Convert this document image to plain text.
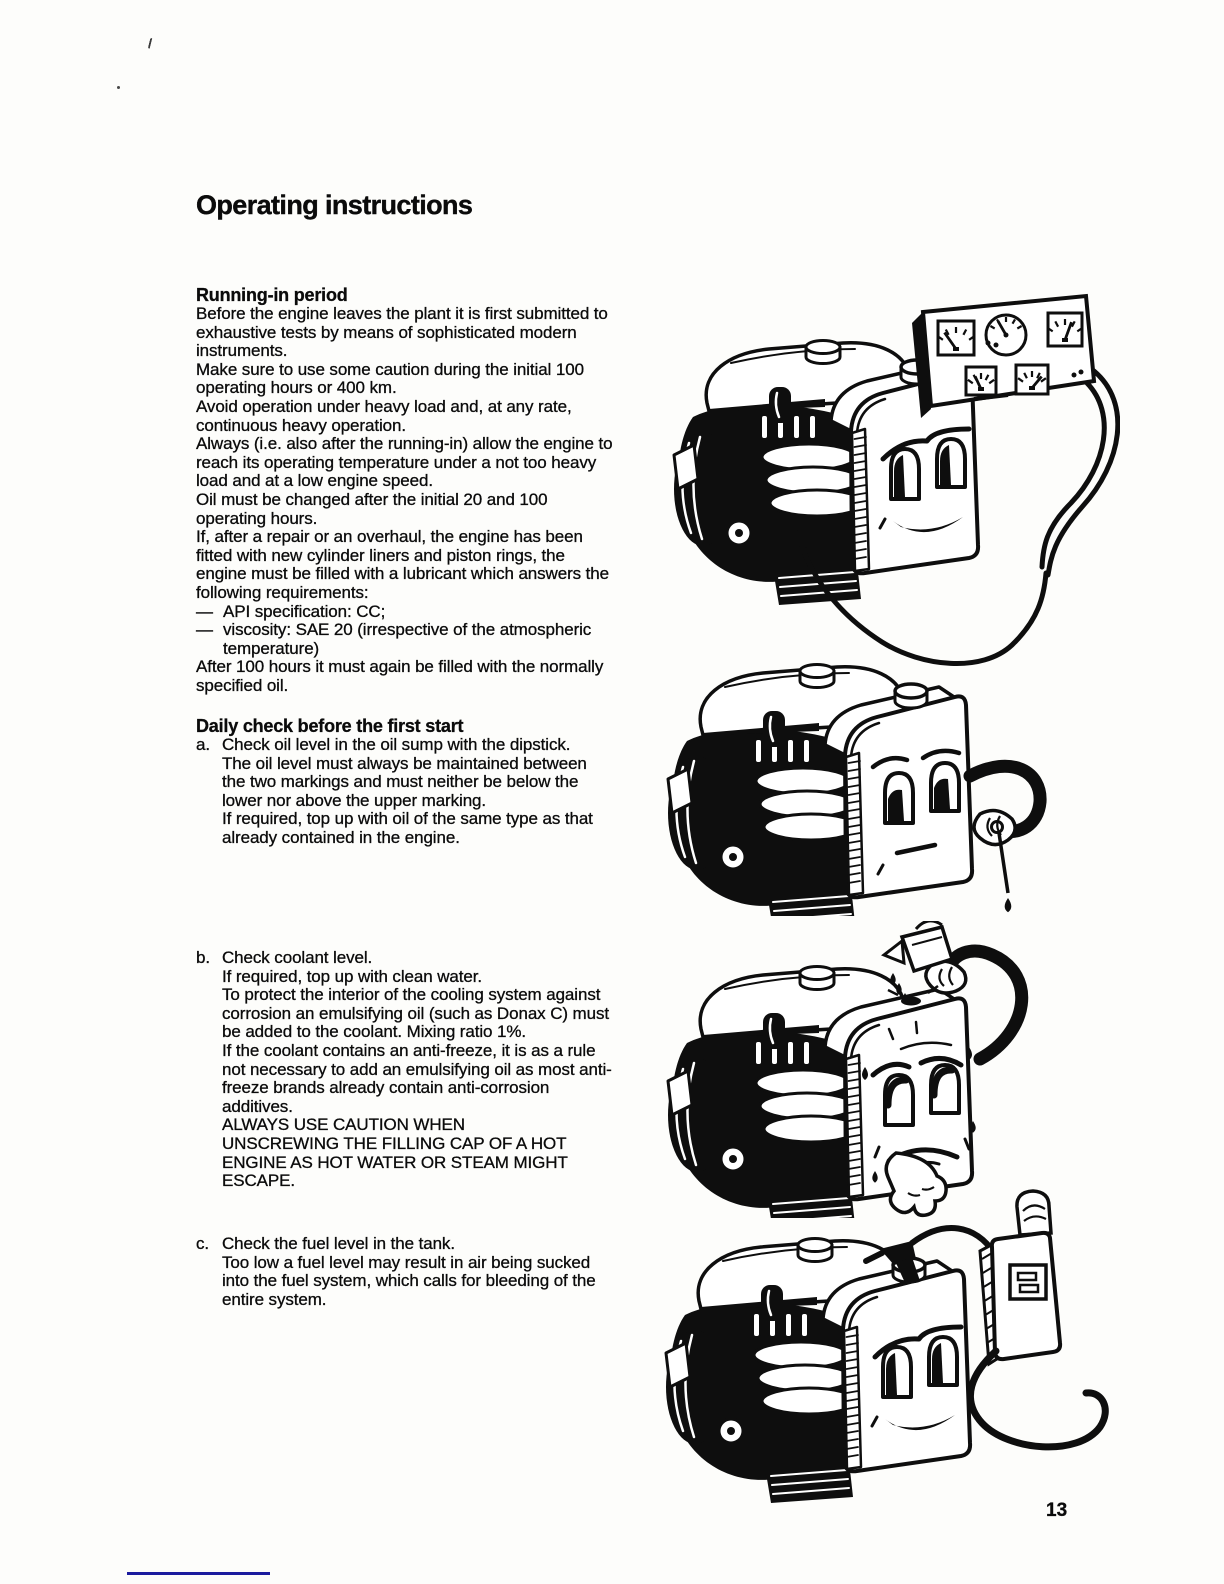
Operating instructions
Running-in period

Before the engine leaves the plant it is first submitted to exhaustive tests by means of sophisticated modern instruments.

Make sure to use some caution during the initial 100 operating hours or 400 km.

Avoid operation under heavy load and, at any rate, continuous heavy operation.

Always (i.e. also after the running-in) allow the engine to reach its operating temperature under a not too heavy load and at a low engine speed.

Oil must be changed after the initial 20 and 100 operating hours.

If, after a repair or an overhaul, the engine has been fitted with new cylinder liners and piston rings, the engine must be filled with a lubricant which answers the following requirements:

— API specification: CC;
— viscosity: SAE 20 (irrespective of the atmospheric temperature)

After 100 hours it must again be filled with the normally specified oil.

Daily check before the first start
a. Check oil level in the oil sump with the dipstick.

The oil level must always be maintained between the two markings and must neither be below the lower nor above the upper marking.

If required, top up with oil of the same type as that already contained in the engine.

b. Check coolant level.

If required, top up with clean water.

To protect the interior of the cooling system against corrosion an emulsifying oil (such as Donax C) must be added to the coolant. Mixing ratio 1%.

If the coolant contains an anti-freeze, it is as a rule not necessary to add an emulsifying oil as most anti-freeze brands already contain anti-corrosion additives.

ALWAYS USE CAUTION WHEN
UNSCREWING THE FILLING CAP OF A HOT
ENGINE AS HOT WATER OR STEAM MIGHT
ESCAPE.
c. Check the fuel level in the tank.

Too low a fuel level may result in air being sucked into the fuel system, which calls for bleeding of the entire system.

13
